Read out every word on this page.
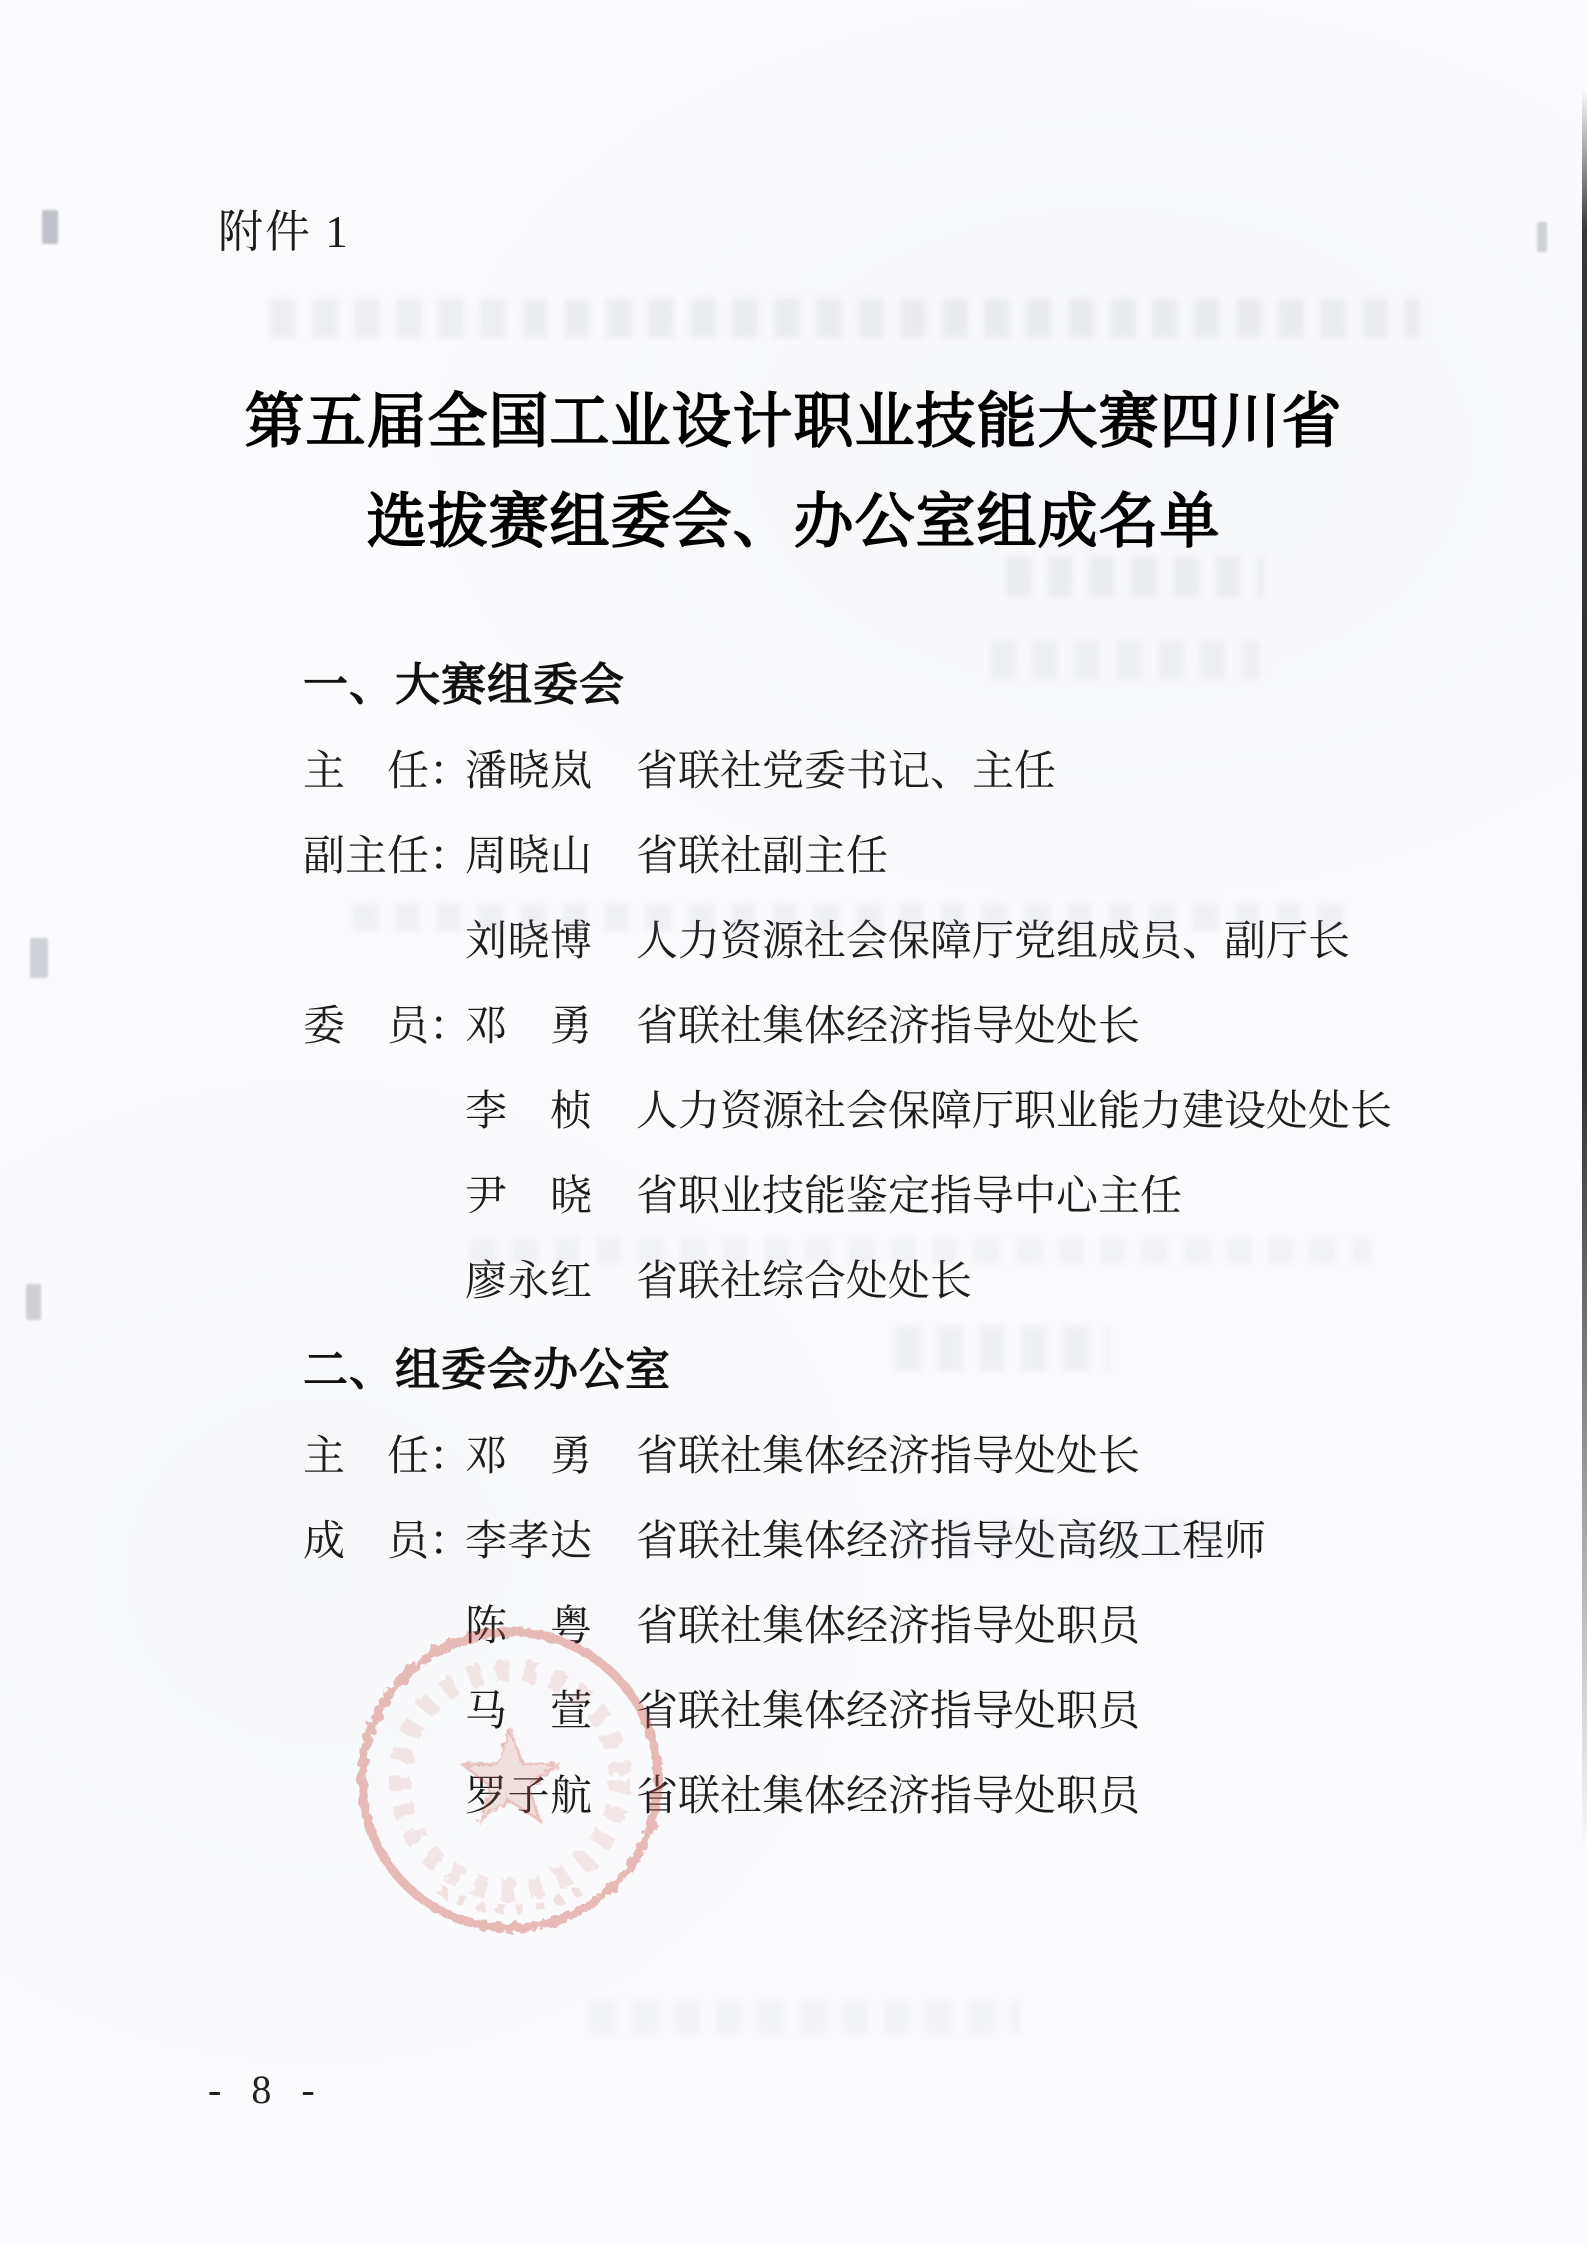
附件 1
第五届全国工业设计职业技能大赛四川省
选拔赛组委会、办公室组成名单
一、大赛组委会
主　任：
潘晓岚 省联社党委书记、主任
副主任：
周晓山 省联社副主任
刘晓博 人力资源社会保障厅党组成员、副厅长
委　员：
邓　勇 省联社集体经济指导处处长
李　桢 人力资源社会保障厅职业能力建设处处长
尹　晓 省职业技能鉴定指导中心主任
廖永红 省联社综合处处长
二、组委会办公室
主　任：
邓　勇 省联社集体经济指导处处长
成　员：
李孝达 省联社集体经济指导处高级工程师
陈　粤 省联社集体经济指导处职员
马　萱 省联社集体经济指导处职员
罗子航 省联社集体经济指导处职员
- 8 -
